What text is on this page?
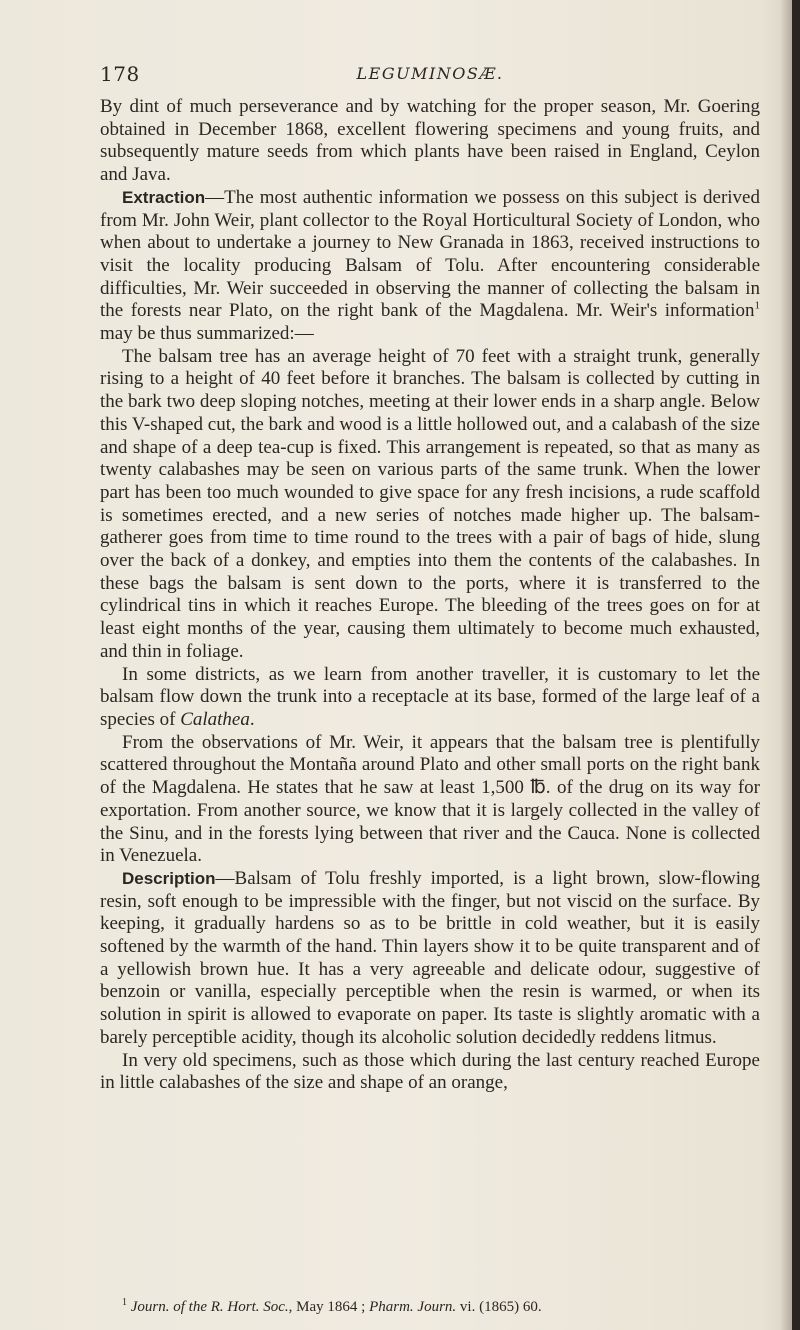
178	LEGUMINOSÆ.

By dint of much perseverance and by watching for the proper season, Mr. Goering obtained in December 1868, excellent flowering specimens and young fruits, and subsequently mature seeds from which plants have been raised in England, Ceylon and Java.

Extraction—The most authentic information we possess on this subject is derived from Mr. John Weir, plant collector to the Royal Horticultural Society of London, who when about to undertake a journey to New Granada in 1863, received instructions to visit the locality producing Balsam of Tolu. After encountering considerable difficulties, Mr. Weir succeeded in observing the manner of collecting the balsam in the forests near Plato, on the right bank of the Magdalena. Mr. Weir's information$^1$ may be thus summarized:—

The balsam tree has an average height of 70 feet with a straight trunk, generally rising to a height of 40 feet before it branches. The balsam is collected by cutting in the bark two deep sloping notches, meeting at their lower ends in a sharp angle. Below this V-shaped cut, the bark and wood is a little hollowed out, and a calabash of the size and shape of a deep tea-cup is fixed. This arrangement is repeated, so that as many as twenty calabashes may be seen on various parts of the same trunk. When the lower part has been too much wounded to give space for any fresh incisions, a rude scaffold is sometimes erected, and a new series of notches made higher up. The balsam-gatherer goes from time to time round to the trees with a pair of bags of hide, slung over the back of a donkey, and empties into them the contents of the calabashes. In these bags the balsam is sent down to the ports, where it is transferred to the cylindrical tins in which it reaches Europe. The bleeding of the trees goes on for at least eight months of the year, causing them ultimately to become much exhausted, and thin in foliage.

In some districts, as we learn from another traveller, it is customary to let the balsam flow down the trunk into a receptacle at its base, formed of the large leaf of a species of Calathea.

From the observations of Mr. Weir, it appears that the balsam tree is plentifully scattered throughout the Montaña around Plato and other small ports on the right bank of the Magdalena. He states that he saw at least 1,500 ℔. of the drug on its way for exportation. From another source, we know that it is largely collected in the valley of the Sinu, and in the forests lying between that river and the Cauca. None is collected in Venezuela.

Description—Balsam of Tolu freshly imported, is a light brown, slow-flowing resin, soft enough to be impressible with the finger, but not viscid on the surface. By keeping, it gradually hardens so as to be brittle in cold weather, but it is easily softened by the warmth of the hand. Thin layers show it to be quite transparent and of a yellowish brown hue. It has a very agreeable and delicate odour, suggestive of benzoin or vanilla, especially perceptible when the resin is warmed, or when its solution in spirit is allowed to evaporate on paper. Its taste is slightly aromatic with a barely perceptible acidity, though its alcoholic solution decidedly reddens litmus.

In very old specimens, such as those which during the last century reached Europe in little calabashes of the size and shape of an orange,

$^1$ Journ. of the R. Hort. Soc., May 1864 ; Pharm. Journ. vi. (1865) 60.
